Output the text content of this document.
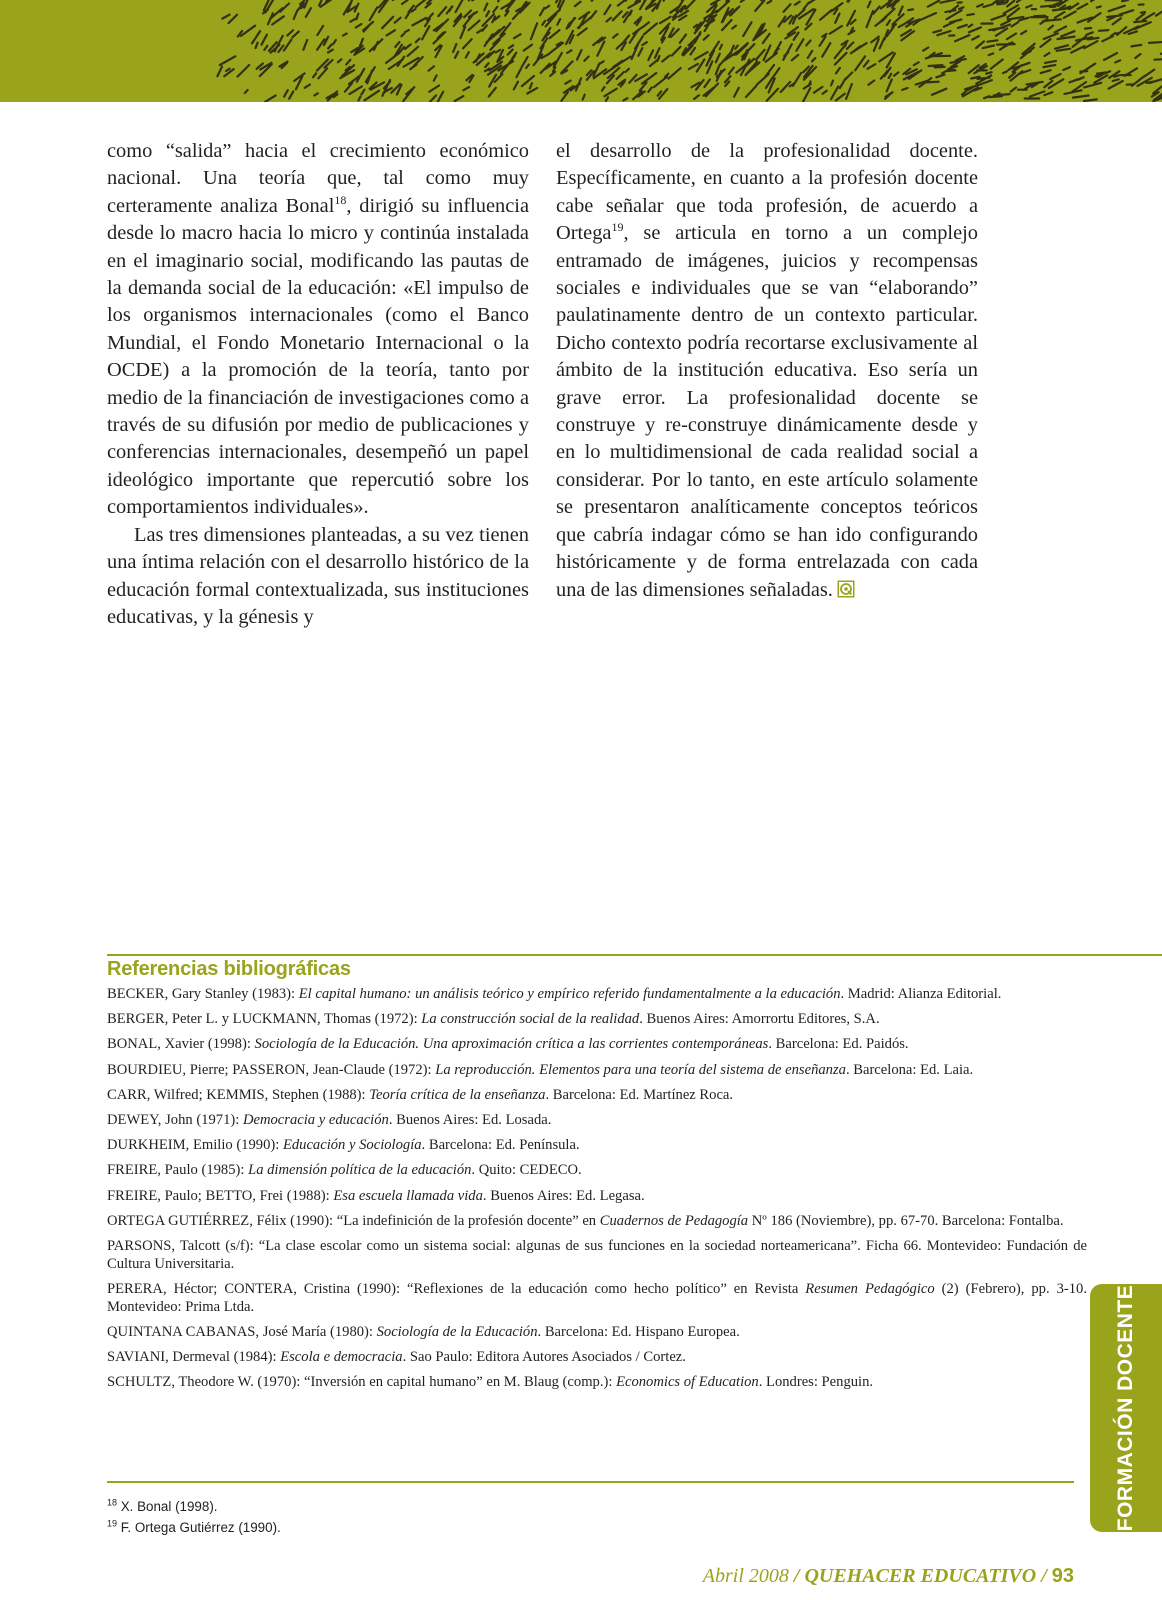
como “salida” hacia el crecimiento económico nacional. Una teoría que, tal como muy certeramente analiza Bonal$^{18}$, dirigió su influencia desde lo macro hacia lo micro y continúa instalada en el imaginario social, modificando las pautas de la demanda social de la educación: «El impulso de los organismos internacionales (como el Banco Mundial, el Fondo Monetario Internacional o la OCDE) a la promoción de la teoría, tanto por medio de la financiación de investigaciones como a través de su difusión por medio de publicaciones y conferencias internacionales, desempeñó un papel ideológico importante que repercutió sobre los comportamientos individuales».

Las tres dimensiones planteadas, a su vez tienen una íntima relación con el desarrollo histórico de la educación formal contextualizada, sus instituciones educativas, y la génesis y

el desarrollo de la profesionalidad docente. Específicamente, en cuanto a la profesión docente cabe señalar que toda profesión, de acuerdo a Ortega$^{19}$, se articula en torno a un complejo entramado de imágenes, juicios y recompensas sociales e individuales que se van “elaborando” paulatinamente dentro de un contexto particular. Dicho contexto podría recortarse exclusivamente al ámbito de la institución educativa. Eso sería un grave error. La profesionalidad docente se construye y re-construye dinámicamente desde y en lo multidimensional de cada realidad social a considerar. Por lo tanto, en este artículo solamente se presentaron analíticamente conceptos teóricos que cabría indagar cómo se han ido configurando históricamente y de forma entrelazada con cada una de las dimensiones señaladas.

Referencias bibliográficas
BECKER, Gary Stanley (1983): El capital humano: un análisis teórico y empírico referido fundamentalmente a la educación. Madrid: Alianza Editorial.
BERGER, Peter L. y LUCKMANN, Thomas (1972): La construcción social de la realidad. Buenos Aires: Amorrortu Editores, S.A.
BONAL, Xavier (1998): Sociología de la Educación. Una aproximación crítica a las corrientes contemporáneas. Barcelona: Ed. Paidós.
BOURDIEU, Pierre; PASSERON, Jean-Claude (1972): La reproducción. Elementos para una teoría del sistema de enseñanza. Barcelona: Ed. Laia.
CARR, Wilfred; KEMMIS, Stephen (1988): Teoría crítica de la enseñanza. Barcelona: Ed. Martínez Roca.
DEWEY, John (1971): Democracia y educación. Buenos Aires: Ed. Losada.
DURKHEIM, Emilio (1990): Educación y Sociología. Barcelona: Ed. Península.
FREIRE, Paulo (1985): La dimensión política de la educación. Quito: CEDECO.
FREIRE, Paulo; BETTO, Frei (1988): Esa escuela llamada vida. Buenos Aires: Ed. Legasa.
ORTEGA GUTIÉRREZ, Félix (1990): “La indefinición de la profesión docente” en Cuadernos de Pedagogía Nº 186 (Noviembre), pp. 67-70. Barcelona: Fontalba.
PARSONS, Talcott (s/f): “La clase escolar como un sistema social: algunas de sus funciones en la sociedad norteamericana”. Ficha 66. Montevideo: Fundación de Cultura Universitaria.
PERERA, Héctor; CONTERA, Cristina (1990): “Reflexiones de la educación como hecho político” en Revista Resumen Pedagógico (2) (Febrero), pp. 3-10. Montevideo: Prima Ltda.
QUINTANA CABANAS, José María (1980): Sociología de la Educación. Barcelona: Ed. Hispano Europea.
SAVIANI, Dermeval (1984): Escola e democracia. Sao Paulo: Editora Autores Asociados / Cortez.
SCHULTZ, Theodore W. (1970): “Inversión en capital humano” en M. Blaug (comp.): Economics of Education. Londres: Penguin.	FORMACIÓN DOCENTE
$^{18}$ X. Bonal (1998).
$^{19}$ F. Ortega Gutiérrez (1990).
Abril 2008 / QUEHACER EDUCATIVO / 93
